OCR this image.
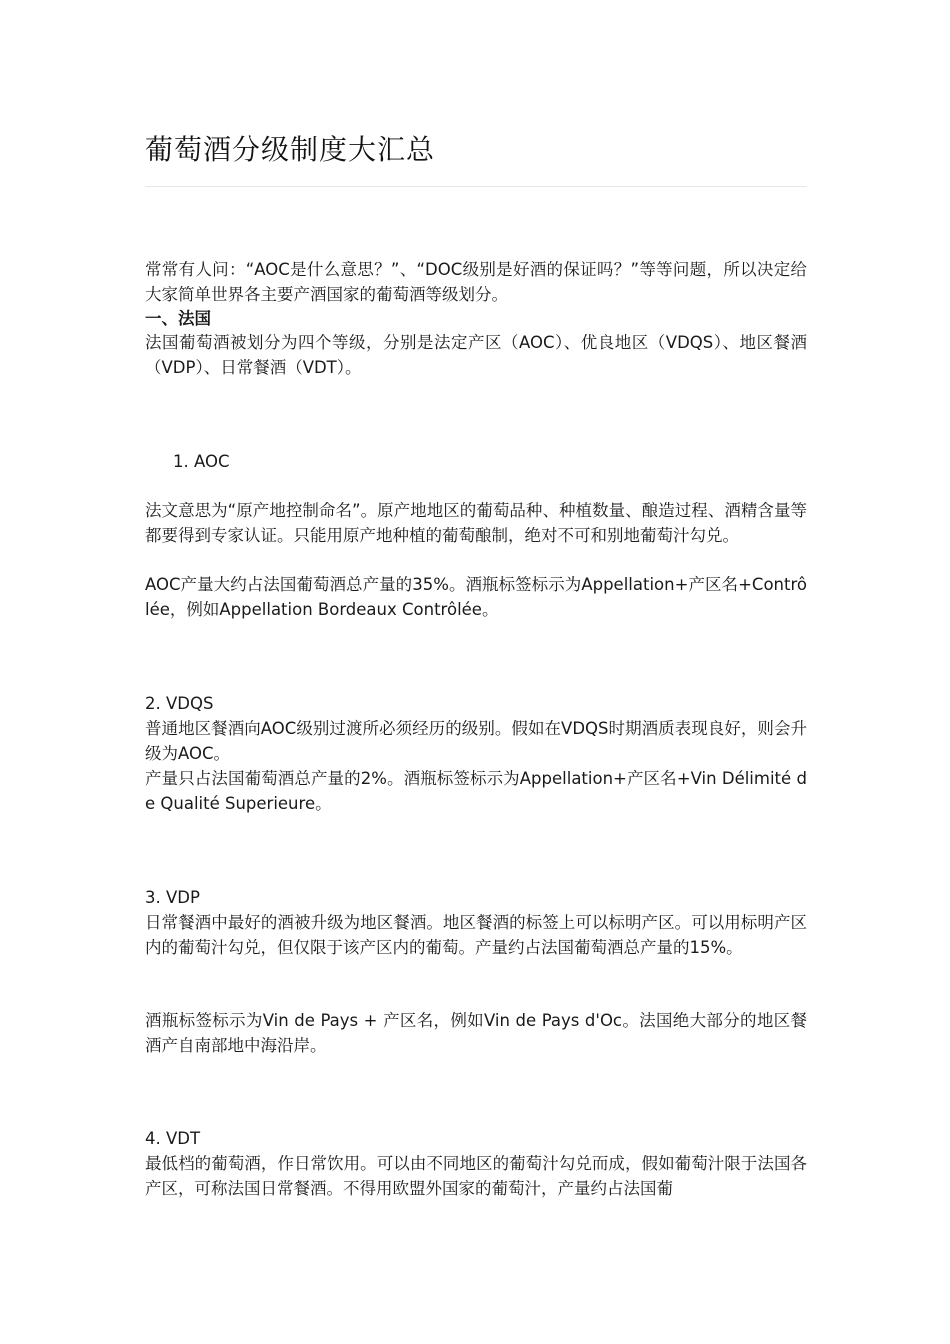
葡萄酒分级制度大汇总

常常有人问：“AOC是什么意思？”、“DOC级别是好酒的保证吗？”等等问题，所以决定给大家简单世界各主要产酒国家的葡萄酒等级划分。

一、法国

法国葡萄酒被划分为四个等级，分别是法定产区（AOC）、优良地区（VDQS）、地区餐酒（VDP）、日常餐酒（VDT）。

1. AOC

法文意思为“原产地控制命名”。原产地地区的葡萄品种、种植数量、酿造过程、酒精含量等都要得到专家认证。只能用原产地种植的葡萄酿制，绝对不可和别地葡萄汁勾兑。

AOC产量大约占法国葡萄酒总产量的35%。酒瓶标签标示为Appellation+产区名+Contrôlée，例如Appellation Bordeaux Contrôlée。

2. VDQS

普通地区餐酒向AOC级别过渡所必须经历的级别。假如在VDQS时期酒质表现良好，则会升级为AOC。

产量只占法国葡萄酒总产量的2%。酒瓶标签标示为Appellation+产区名+Vin Délimité de Qualité Superieure。

3. VDP

日常餐酒中最好的酒被升级为地区餐酒。地区餐酒的标签上可以标明产区。可以用标明产区内的葡萄汁勾兑，但仅限于该产区内的葡萄。产量约占法国葡萄酒总产量的15%。

酒瓶标签标示为Vin de Pays + 产区名，例如Vin de Pays d'Oc。法国绝大部分的地区餐酒产自南部地中海沿岸。

4. VDT

最低档的葡萄酒，作日常饮用。可以由不同地区的葡萄汁勾兑而成，假如葡萄汁限于法国各产区，可称法国日常餐酒。不得用欧盟外国家的葡萄汁，产量约占法国葡
